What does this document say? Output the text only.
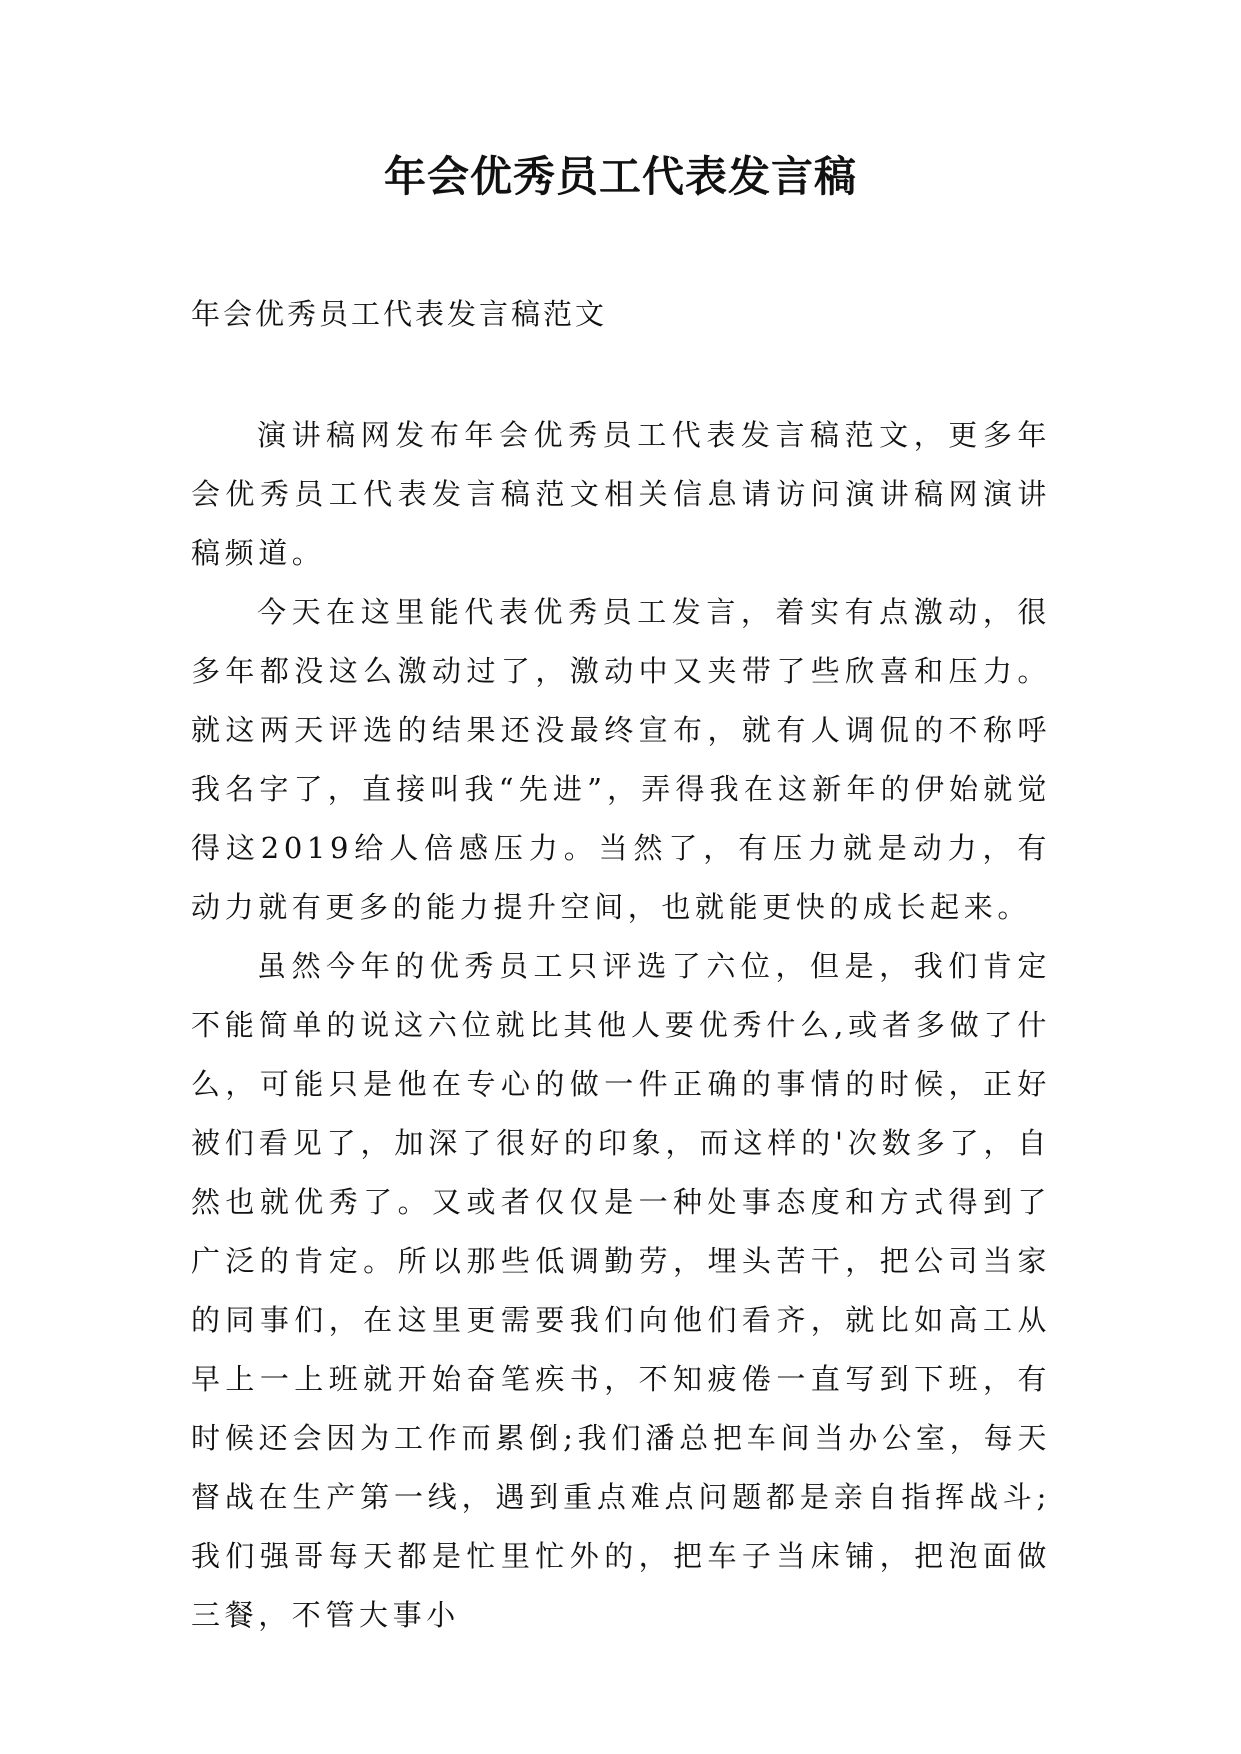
年会优秀员工代表发言稿

年会优秀员工代表发言稿范文

演讲稿网发布年会优秀员工代表发言稿范文，更多年会优秀员工代表发言稿范文相关信息请访问演讲稿网演讲稿频道。

今天在这里能代表优秀员工发言，着实有点激动，很多年都没这么激动过了，激动中又夹带了些欣喜和压力。就这两天评选的结果还没最终宣布，就有人调侃的不称呼我名字了，直接叫我“先进”，弄得我在这新年的伊始就觉得这2019给人倍感压力。当然了，有压力就是动力，有动力就有更多的能力提升空间，也就能更快的成长起来。

虽然今年的优秀员工只评选了六位，但是，我们肯定不能简单的说这六位就比其他人要优秀什么,或者多做了什么，可能只是他在专心的做一件正确的事情的时候，正好被们看见了，加深了很好的印象，而这样的'次数多了，自然也就优秀了。又或者仅仅是一种处事态度和方式得到了广泛的肯定。所以那些低调勤劳，埋头苦干，把公司当家的同事们，在这里更需要我们向他们看齐，就比如高工从早上一上班就开始奋笔疾书，不知疲倦一直写到下班，有时候还会因为工作而累倒;我们潘总把车间当办公室，每天督战在生产第一线，遇到重点难点问题都是亲自指挥战斗;我们强哥每天都是忙里忙外的，把车子当床铺，把泡面做三餐，不管大事小
